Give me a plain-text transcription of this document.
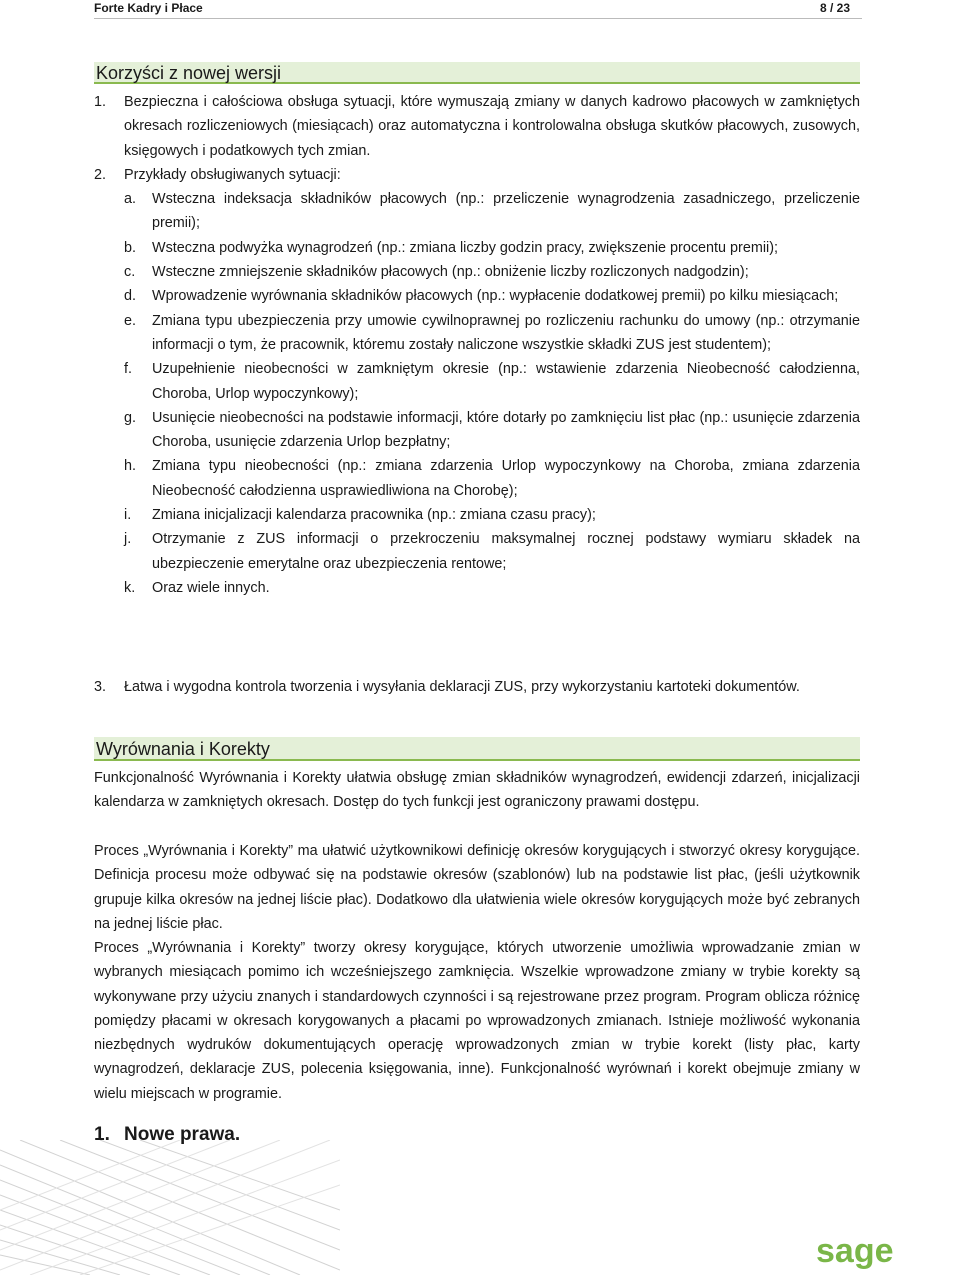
Forte Kadry i Płace	8 / 23
Korzyści z nowej wersji
1.	Bezpieczna i całościowa obsługa sytuacji, które wymuszają zmiany w danych kadrowo płacowych w zamkniętych okresach rozliczeniowych (miesiącach) oraz automatyczna i kontrolowalna obsługa skutków płacowych, zusowych, księgowych i podatkowych tych zmian.
2.	Przykłady obsługiwanych sytuacji:
a.	Wsteczna indeksacja składników płacowych (np.: przeliczenie wynagrodzenia zasadniczego, przeliczenie premii);
b.	Wsteczna podwyżka wynagrodzeń (np.: zmiana liczby godzin pracy, zwiększenie procentu premii);
c.	Wsteczne zmniejszenie składników płacowych (np.: obniżenie liczby rozliczonych nadgodzin);
d.	Wprowadzenie wyrównania składników płacowych (np.: wypłacenie dodatkowej premii) po kilku miesiącach;
e.	Zmiana typu ubezpieczenia przy umowie cywilnoprawnej po rozliczeniu rachunku do umowy (np.: otrzymanie informacji o tym, że pracownik, któremu zostały naliczone wszystkie składki ZUS jest studentem);
f.	Uzupełnienie nieobecności w zamkniętym okresie (np.: wstawienie zdarzenia Nieobecność całodzienna, Choroba, Urlop wypoczynkowy);
g.	Usunięcie nieobecności na podstawie informacji, które dotarły po zamknięciu list płac (np.: usunięcie zdarzenia Choroba, usunięcie zdarzenia Urlop bezpłatny;
h.	Zmiana typu nieobecności (np.: zmiana zdarzenia Urlop wypoczynkowy na Choroba, zmiana zdarzenia Nieobecność całodzienna usprawiedliwiona na Chorobę);
i.	Zmiana inicjalizacji kalendarza pracownika (np.: zmiana czasu pracy);
j.	Otrzymanie z ZUS informacji o przekroczeniu maksymalnej rocznej podstawy wymiaru składek na ubezpieczenie emerytalne oraz ubezpieczenia rentowe;
k.	Oraz wiele innych.
3.	Łatwa i wygodna kontrola tworzenia i wysyłania deklaracji ZUS, przy wykorzystaniu kartoteki dokumentów.
Wyrównania i Korekty
Funkcjonalność Wyrównania i Korekty ułatwia obsługę zmian składników wynagrodzeń, ewidencji zdarzeń, inicjalizacji kalendarza w zamkniętych okresach. Dostęp do tych funkcji jest ograniczony prawami dostępu.
Proces „Wyrównania i Korekty” ma ułatwić użytkownikowi definicję okresów korygujących i stworzyć okresy korygujące. Definicja procesu może odbywać się na podstawie okresów (szablonów) lub na podstawie list płac, (jeśli użytkownik grupuje kilka okresów na jednej liście płac). Dodatkowo dla ułatwienia wiele okresów korygujących może być zebranych na jednej liście płac.
Proces „Wyrównania i Korekty” tworzy okresy korygujące, których utworzenie umożliwia wprowadzanie zmian w wybranych miesiącach pomimo ich wcześniejszego zamknięcia. Wszelkie wprowadzone zmiany w trybie korekty są wykonywane przy użyciu znanych i standardowych czynności i są rejestrowane przez program. Program oblicza różnicę pomiędzy płacami w okresach korygowanych a płacami po wprowadzonych zmianach. Istnieje możliwość wykonania niezbędnych wydruków dokumentujących operację wprowadzonych zmian w trybie korekt (listy płac, karty wynagrodzeń, deklaracje ZUS, polecenia księgowania, inne). Funkcjonalność wyrównań i korekt obejmuje zmiany w wielu miejscach w programie.
1. Nowe prawa.
sage
